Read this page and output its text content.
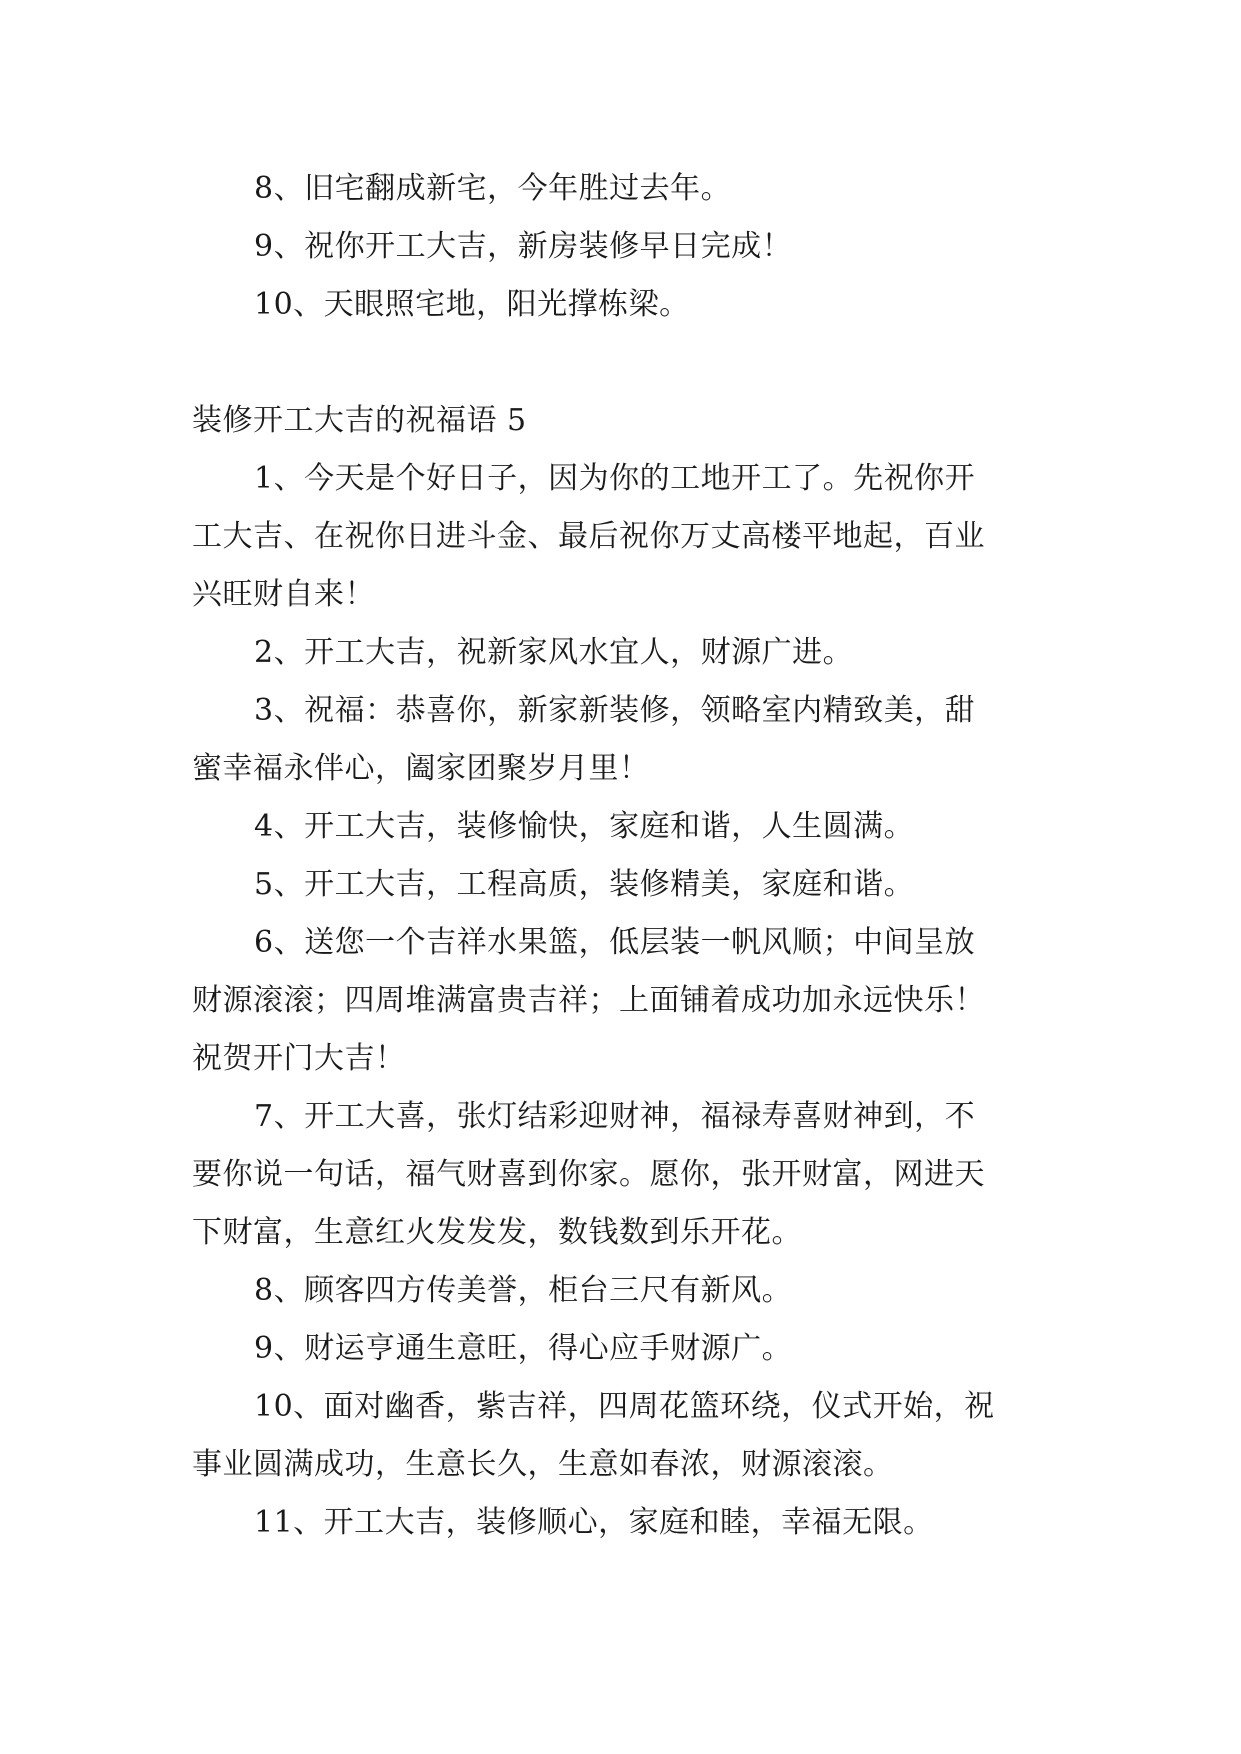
8、旧宅翻成新宅，今年胜过去年。
9、祝你开工大吉，新房装修早日完成！
10、天眼照宅地，阳光撑栋梁。
装修开工大吉的祝福语 5
1、今天是个好日子，因为你的工地开工了。先祝你开
工大吉、在祝你日进斗金、最后祝你万丈高楼平地起，百业
兴旺财自来！
2、开工大吉，祝新家风水宜人，财源广进。
3、祝福：恭喜你，新家新装修，领略室内精致美，甜
蜜幸福永伴心，阖家团聚岁月里！
4、开工大吉，装修愉快，家庭和谐，人生圆满。
5、开工大吉，工程高质，装修精美，家庭和谐。
6、送您一个吉祥水果篮，低层装一帆风顺；中间呈放
财源滚滚；四周堆满富贵吉祥；上面铺着成功加永远快乐！
祝贺开门大吉！
7、开工大喜，张灯结彩迎财神，福禄寿喜财神到，不
要你说一句话，福气财喜到你家。愿你，张开财富，网进天
下财富，生意红火发发发，数钱数到乐开花。
8、顾客四方传美誉，柜台三尺有新风。
9、财运亨通生意旺，得心应手财源广。
10、面对幽香，紫吉祥，四周花篮环绕，仪式开始，祝
事业圆满成功，生意长久，生意如春浓，财源滚滚。
11、开工大吉，装修顺心，家庭和睦，幸福无限。
